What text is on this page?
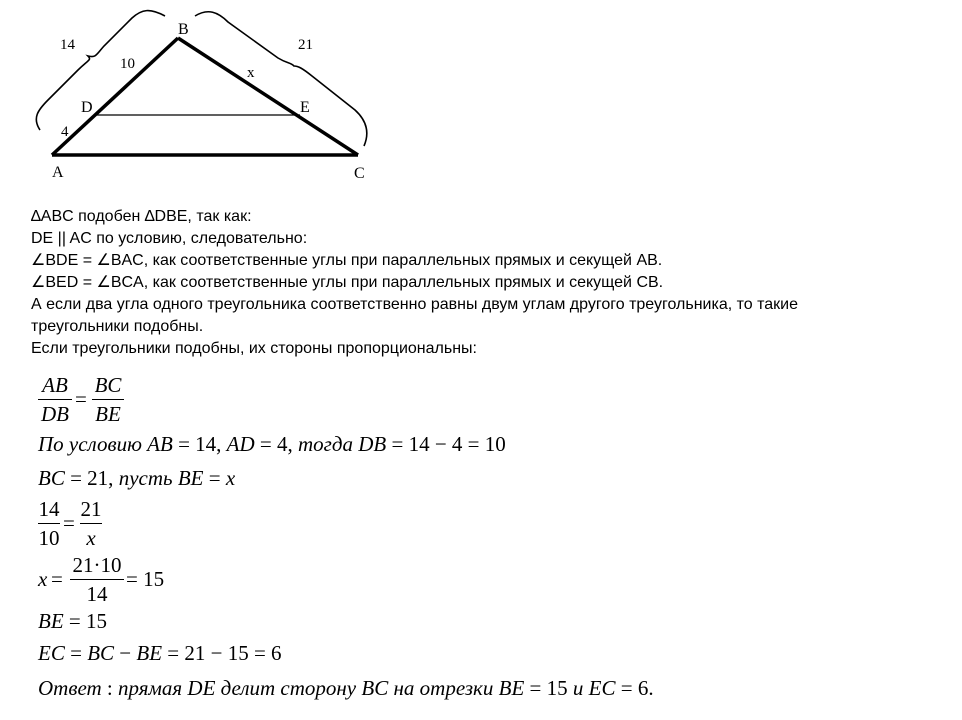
B
A	C
D	E
14
10
4
21
x
∆ABC подобен ∆DBE, так как:
DE || AC по условию, следовательно:
∠BDE = ∠BAC, как соответственные углы при параллельных прямых и секущей AB.
∠BED = ∠BCA, как соответственные углы при параллельных прямых и секущей CB.
А если два угла одного треугольника соответственно равны двум углам другого треугольника, то такие
треугольники подобны.
Если треугольники подобны, их стороны пропорциональны:
AB
DB
=
BC
BE
По условию AB = 14, AD = 4, тогда DB = 14 − 4 = 10
BC = 21, пусть BE = x
14
10
=
21
x
x =
21·10
14
= 15
BE = 15
EC = BC − BE = 21 − 15 = 6
Ответ : прямая DE делит сторону BC на отрезки BE = 15 и EC = 6.
